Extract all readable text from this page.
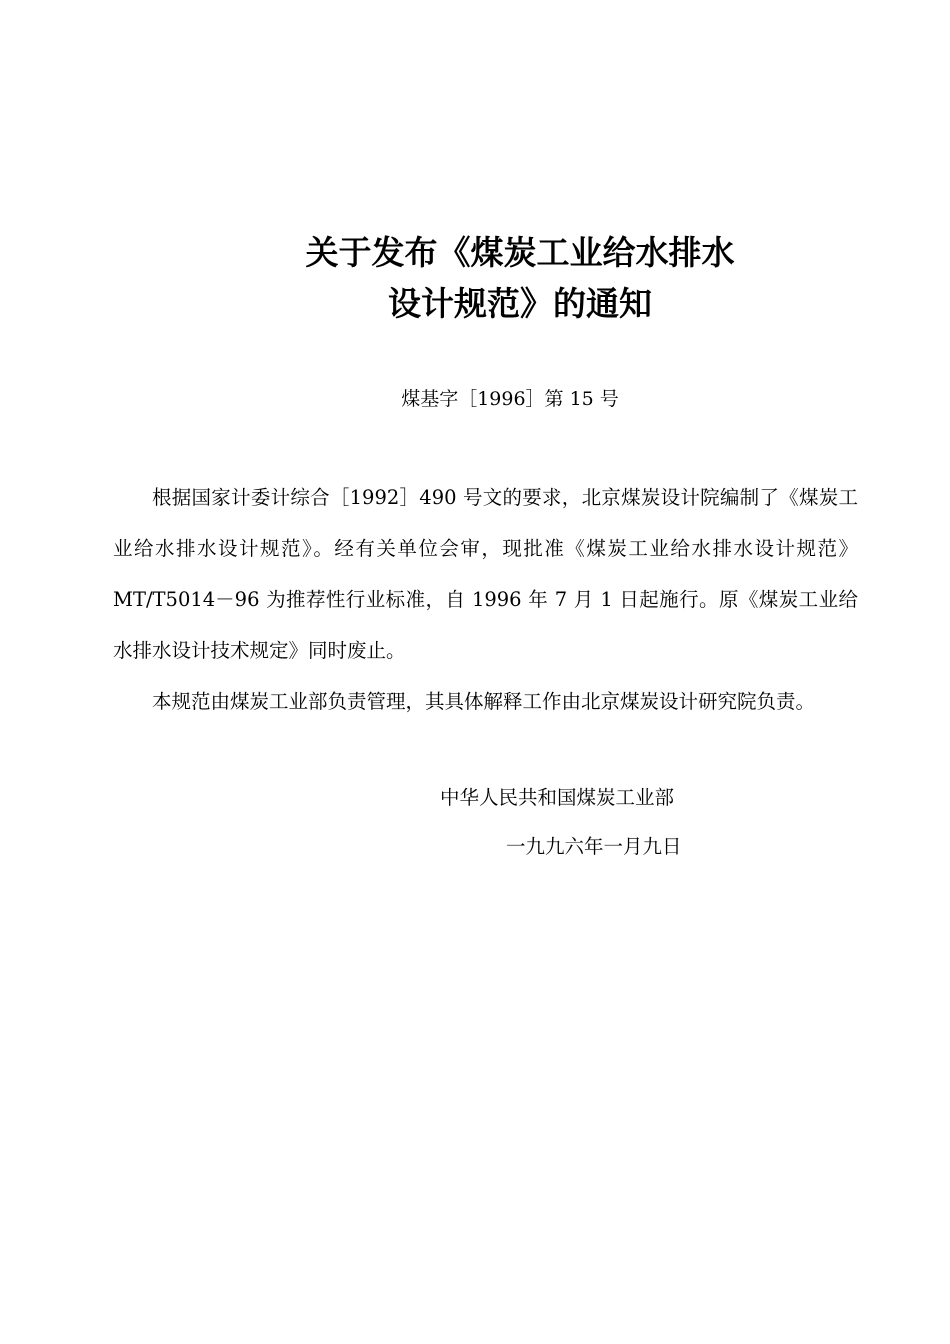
关于发布《煤炭工业给水排水
设计规范》的通知
煤基字［1996］第 15 号

根据国家计委计综合［1992］490 号文的要求，北京煤炭设计院编制了《煤炭工业给水排水设计规范》。经有关单位会审，现批准《煤炭工业给水排水设计规范》MT/T5014－96 为推荐性行业标准，自 1996 年 7 月 1 日起施行。原《煤炭工业给水排水设计技术规定》同时废止。

本规范由煤炭工业部负责管理，其具体解释工作由北京煤炭设计研究院负责。

中华人民共和国煤炭工业部
一九九六年一月九日
